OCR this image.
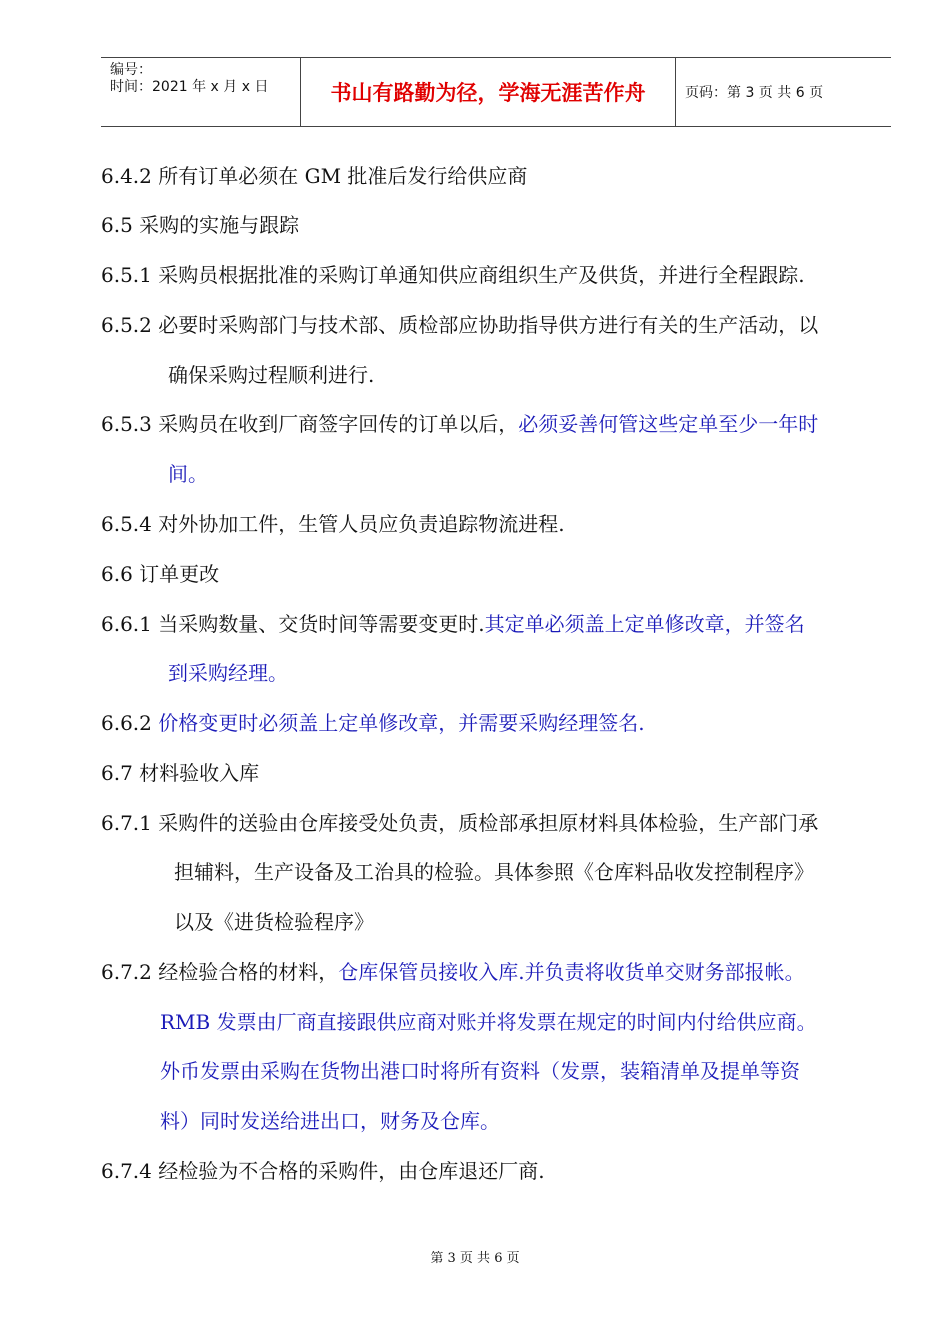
编号：
时间：2021 年 x 月 x 日	书山有路勤为径，学海无涯苦作舟	页码：第 3 页 共 6 页
6.4.2 所有订单必须在 GM 批准后发行给供应商
6.5 采购的实施与跟踪
6.5.1 采购员根据批准的采购订单通知供应商组织生产及供货，并进行全程跟踪.
6.5.2 必要时采购部门与技术部、质检部应协助指导供方进行有关的生产活动，以
确保采购过程顺利进行.
6.5.3 采购员在收到厂商签字回传的订单以后，必须妥善何管这些定单至少一年时
间。
6.5.4 对外协加工件，生管人员应负责追踪物流进程.
6.6 订单更改
6.6.1 当采购数量、交货时间等需要变更时.其定单必须盖上定单修改章，并签名
到采购经理。
6.6.2 价格变更时必须盖上定单修改章，并需要采购经理签名.
6.7 材料验收入库
6.7.1 采购件的送验由仓库接受处负责，质检部承担原材料具体检验，生产部门承
担辅料，生产设备及工治具的检验。具体参照《仓库料品收发控制程序》
以及《进货检验程序》
6.7.2 经检验合格的材料，仓库保管员接收入库.并负责将收货单交财务部报帐。
RMB 发票由厂商直接跟供应商对账并将发票在规定的时间内付给供应商。
外币发票由采购在货物出港口时将所有资料（发票，装箱清单及提单等资
料）同时发送给进出口，财务及仓库。
6.7.4 经检验为不合格的采购件，由仓库退还厂商.
第 3 页 共 6 页
